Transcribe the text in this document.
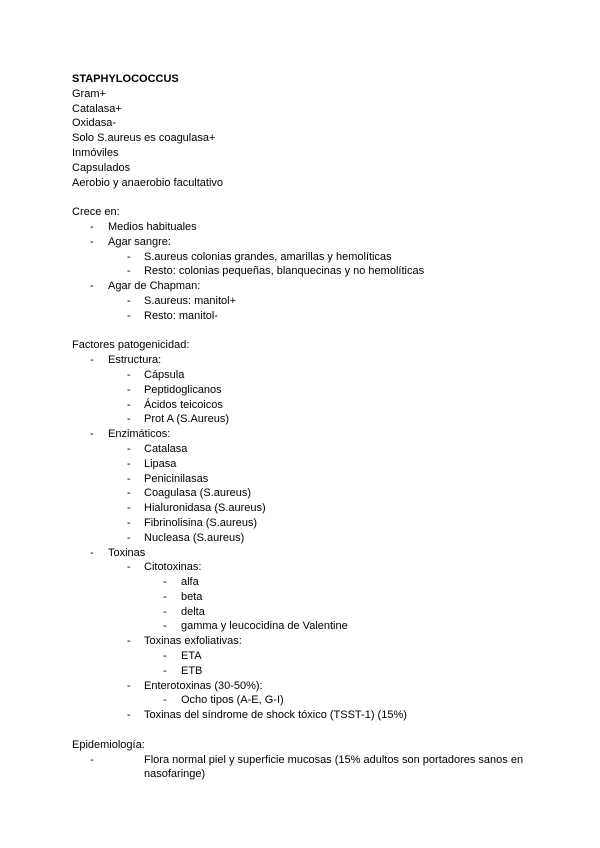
STAPHYLOCOCCUS
Gram+
Catalasa+
Oxidasa-
Solo S.aureus es coagulasa+
Inmóviles
Capsulados
Aerobio y anaerobio facultativo
Crece en:
- Medios habituales
- Agar sangre:
- S.aureus colonias grandes, amarillas y hemolíticas
- Resto: colonias pequeñas, blanquecinas y no hemolíticas
- Agar de Chapman:
- S.aureus: manitol+
- Resto: manitol-
Factores patogenicidad:
- Estructura:
- Cápsula
- Peptidoglicanos
- Ácidos teicoicos
- Prot A (S.Aureus)
- Enzimáticos:
- Catalasa
- Lipasa
- Penicinilasas
- Coagulasa (S.aureus)
- Hialuronidasa (S.aureus)
- Fibrinolisina (S.aureus)
- Nucleasa (S.aureus)
- Toxinas
- Citotoxinas:
- alfa
- beta
- delta
- gamma y leucocidina de Valentine
- Toxinas exfoliativas:
- ETA
- ETB
- Enterotoxinas (30-50%):
- Ocho tipos (A-E, G-I)
- Toxinas del síndrome de shock tóxico (TSST-1) (15%)
Epidemiología:
-	Flora normal piel y superficie mucosas (15% adultos son portadores sanos en nasofaringe)
